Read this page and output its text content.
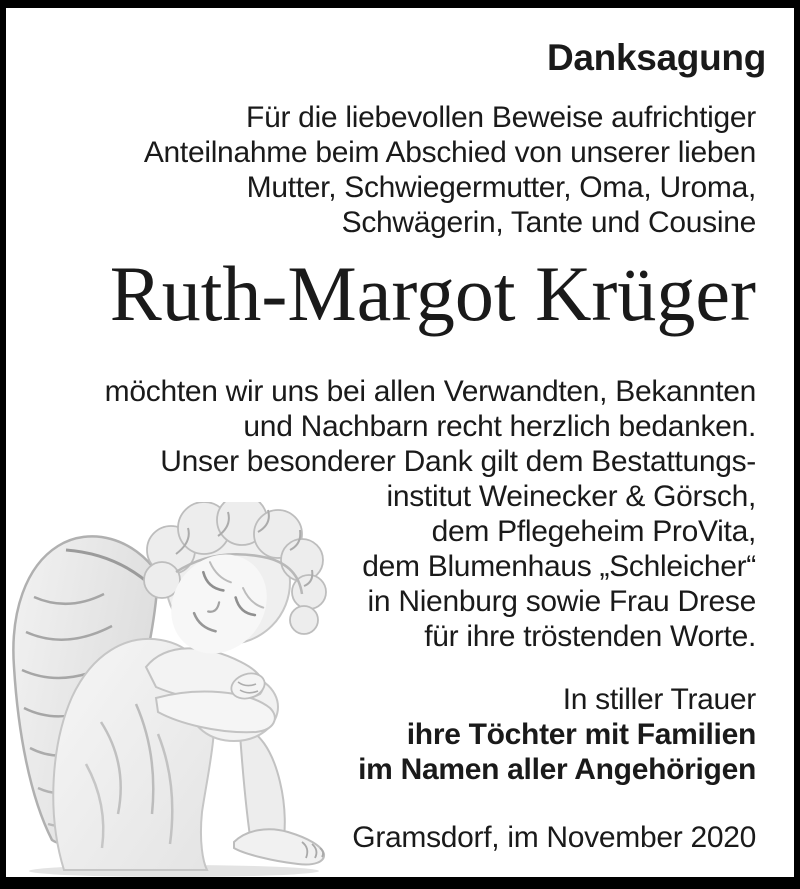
Danksagung
Für die liebevollen Beweise aufrichtiger
Anteilnahme beim Abschied von unserer lieben
Mutter, Schwiegermutter, Oma, Uroma,
Schwägerin, Tante und Cousine
Ruth-Margot Krüger
möchten wir uns bei allen Verwandten, Bekannten
und Nachbarn recht herzlich bedanken.
Unser besonderer Dank gilt dem Bestattungs-
institut Weinecker & Görsch,
dem Pflegeheim ProVita,
dem Blumenhaus „Schleicher“
in Nienburg sowie Frau Drese
für ihre tröstenden Worte.
In stiller Trauer
ihre Töchter mit Familien
im Namen aller Angehörigen
Gramsdorf, im November 2020
